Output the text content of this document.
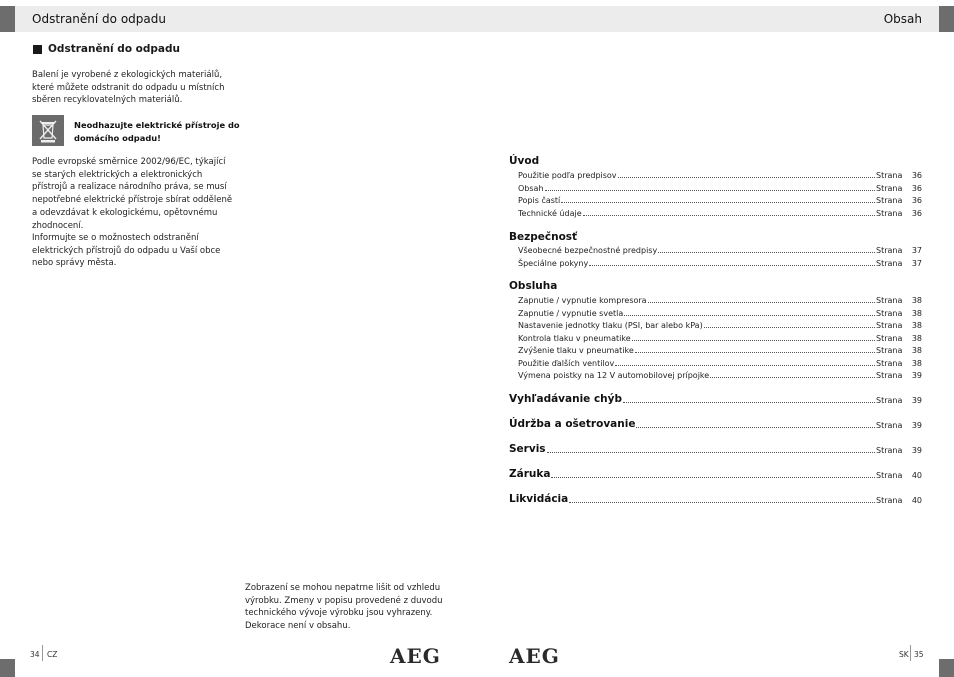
Odstranění do odpadu	Obsah
Odstranění do odpadu
Balení je vyrobené z ekologických materiálů, které můžete odstranit do odpadu u místních sběren recyklovatelných materiálů.
Neodhazujte elektrické přístroje do domácího odpadu!
Podle evropské směrnice 2002/96/EC, týkající se starých elektrických a elektronických přístrojů a realizace národního práva, se musí nepotřebné elektrické přístroje sbírat odděleně a odevzdávat k ekologickému, opětovnému zhodnocení.
Informujte se o možnostech odstranění elektrických přístrojů do odpadu u Vaší obce nebo správy města.
Zobrazení se mohou nepatrne lišit od vzhledu výrobku. Zmeny v popisu provedené z duvodu technického vývoje výrobku jsou vyhrazeny. Dekorace není v obsahu.
34 CZ	AEG	AEG	SK 35
Úvod
Použitie podľa predpisov	Strana	36
Obsah	Strana	36
Popis častí	Strana	36
Technické údaje	Strana	36
Bezpečnosť
Všeobecné bezpečnostné predpisy	Strana	37
Špeciálne pokyny	Strana	37
Obsluha
Zapnutie / vypnutie kompresora	Strana	38
Zapnutie / vypnutie svetla	Strana	38
Nastavenie jednotky tlaku (PSI, bar alebo kPa)	Strana	38
Kontrola tlaku v pneumatike	Strana	38
Zvýšenie tlaku v pneumatike	Strana	38
Použitie ďalších ventilov	Strana	38
Výmena poistky na 12 V automobilovej prípojke	Strana	39
Vyhľadávanie chýb	Strana	39
Údržba a ošetrovanie	Strana	39
Servis	Strana	39
Záruka	Strana	40
Likvidácia	Strana	40
